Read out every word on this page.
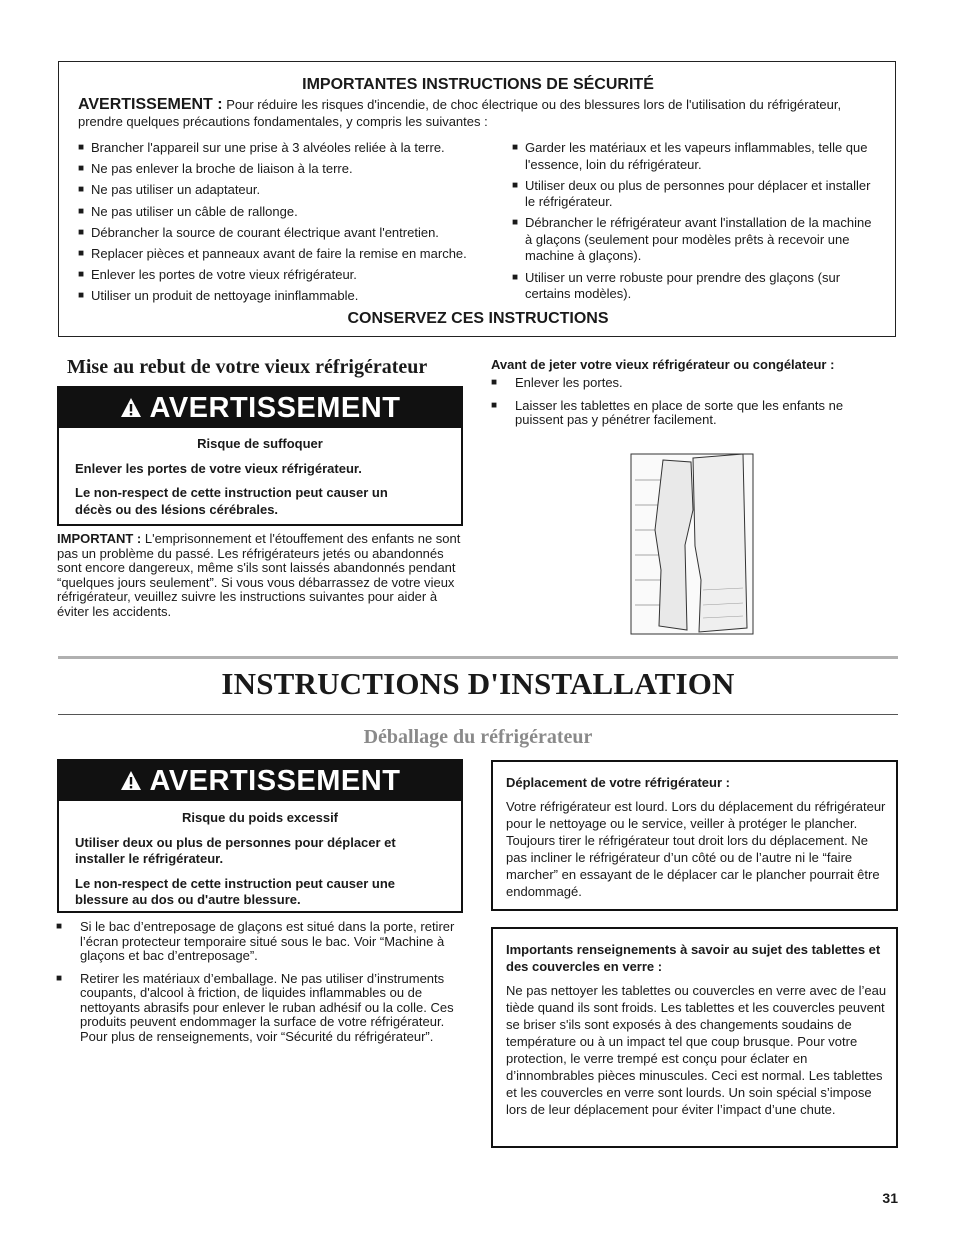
IMPORTANTES INSTRUCTIONS DE SÉCURITÉ
AVERTISSEMENT : Pour réduire les risques d'incendie, de choc électrique ou des blessures lors de l'utilisation du réfrigérateur, prendre quelques précautions fondamentales, y compris les suivantes :
■ Brancher l'appareil sur une prise à 3 alvéoles reliée à la terre.
■ Ne pas enlever la broche de liaison à la terre.
■ Ne pas utiliser un adaptateur.
■ Ne pas utiliser un câble de rallonge.
■ Débrancher la source de courant électrique avant l'entretien.
■ Replacer pièces et panneaux avant de faire la remise en marche.
■ Enlever les portes de votre vieux réfrigérateur.
■ Utiliser un produit de nettoyage ininflammable.
■ Garder les matériaux et les vapeurs inflammables, telle que l'essence, loin du réfrigérateur.
■ Utiliser deux ou plus de personnes pour déplacer et installer le réfrigérateur.
■ Débrancher le réfrigérateur avant l'installation de la machine à glaçons (seulement pour modèles prêts à recevoir une machine à glaçons).
■ Utiliser un verre robuste pour prendre des glaçons (sur certains modèles).
CONSERVEZ CES INSTRUCTIONS
Mise au rebut de votre vieux réfrigérateur
AVERTISSEMENT

Risque de suffoquer

Enlever les portes de votre vieux réfrigérateur.

Le non-respect de cette instruction peut causer un décès ou des lésions cérébrales.

IMPORTANT : L'emprisonnement et l'étouffement des enfants ne sont pas un problème du passé. Les réfrigérateurs jetés ou abandonnés sont encore dangereux, même s'ils sont laissés abandonnés pendant “quelques jours seulement”. Si vous vous débarrassez de votre vieux réfrigérateur, veuillez suivre les instructions suivantes pour aider à éviter les accidents.
Avant de jeter votre vieux réfrigérateur ou congélateur :
■ Enlever les portes.
■ Laisser les tablettes en place de sorte que les enfants ne puissent pas y pénétrer facilement.
INSTRUCTIONS D'INSTALLATION
Déballage du réfrigérateur
AVERTISSEMENT

Risque du poids excessif

Utiliser deux ou plus de personnes pour déplacer et installer le réfrigérateur.

Le non-respect de cette instruction peut causer une blessure au dos ou d'autre blessure.

■ Si le bac d’entreposage de glaçons est situé dans la porte, retirer l’écran protecteur temporaire situé sous le bac. Voir “Machine à glaçons et bac d’entreposage”.
■ Retirer les matériaux d’emballage. Ne pas utiliser d’instruments coupants, d'alcool à friction, de liquides inflammables ou de nettoyants abrasifs pour enlever le ruban adhésif ou la colle. Ces produits peuvent endommager la surface de votre réfrigérateur. Pour plus de renseignements, voir “Sécurité du réfrigérateur”.
Déplacement de votre réfrigérateur :
Votre réfrigérateur est lourd. Lors du déplacement du réfrigérateur pour le nettoyage ou le service, veiller à protéger le plancher. Toujours tirer le réfrigérateur tout droit lors du déplacement. Ne pas incliner le réfrigérateur d’un côté ou de l’autre ni le “faire marcher” en essayant de le déplacer car le plancher pourrait être endommagé.
Importants renseignements à savoir au sujet des tablettes et des couvercles en verre :
Ne pas nettoyer les tablettes ou couvercles en verre avec de l’eau tiède quand ils sont froids. Les tablettes et les couvercles peuvent se briser s'ils sont exposés à des changements soudains de température ou à un impact tel que coup brusque. Pour votre protection, le verre trempé est conçu pour éclater en d’innombrables pièces minuscules. Ceci est normal. Les tablettes et les couvercles en verre sont lourds. Un soin spécial s’impose lors de leur déplacement pour éviter l’impact d’une chute.
31
